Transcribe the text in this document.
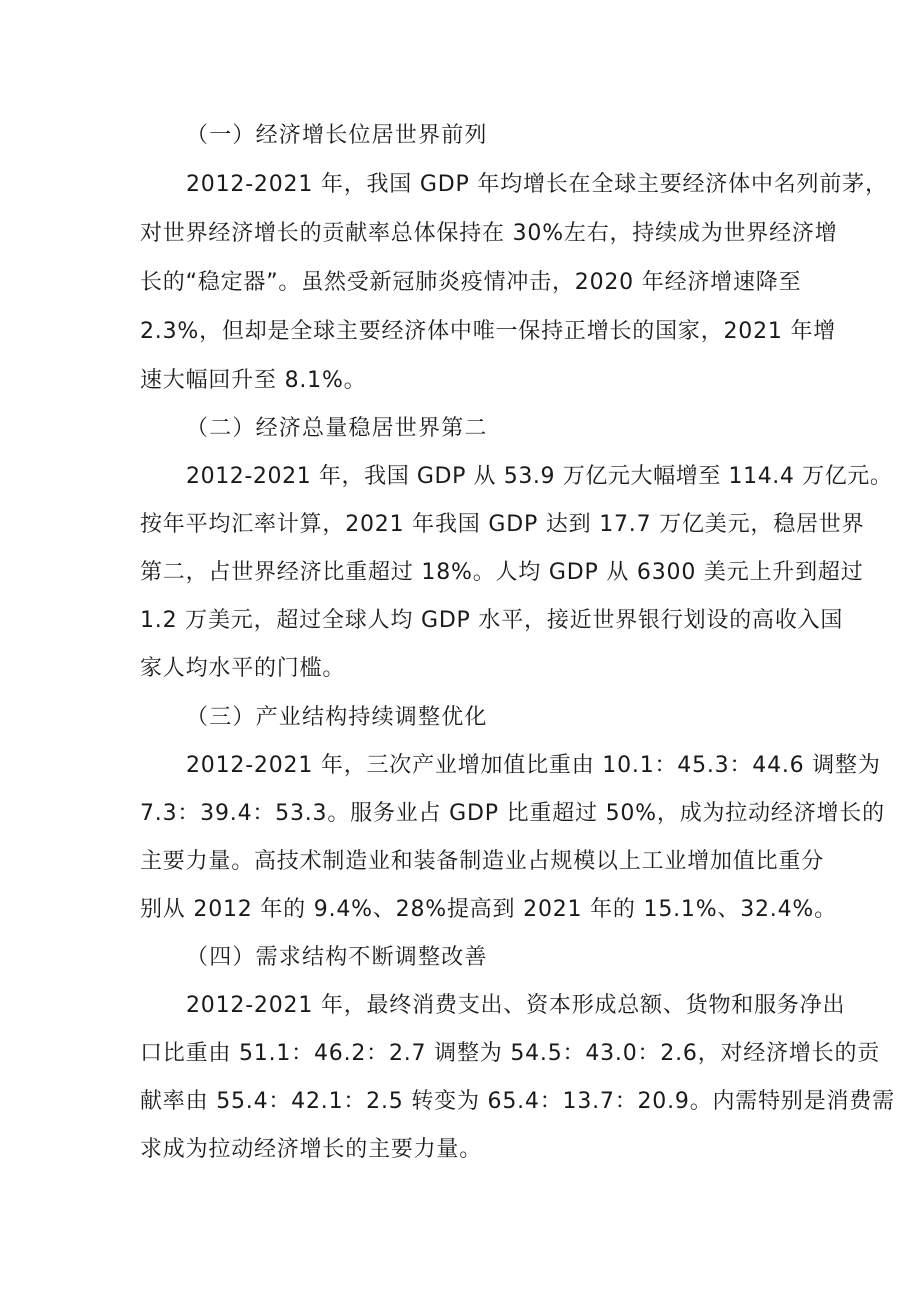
（一）经济增长位居世界前列
2012-2021 年，我国 GDP 年均增长在全球主要经济体中名列前茅，
对世界经济增长的贡献率总体保持在 30%左右，持续成为世界经济增
长的“稳定器”。虽然受新冠肺炎疫情冲击，2020 年经济增速降至
2.3%，但却是全球主要经济体中唯一保持正增长的国家，2021 年增
速大幅回升至 8.1%。
（二）经济总量稳居世界第二
2012-2021 年，我国 GDP 从 53.9 万亿元大幅增至 114.4 万亿元。
按年平均汇率计算，2021 年我国 GDP 达到 17.7 万亿美元，稳居世界
第二，占世界经济比重超过 18%。人均 GDP 从 6300 美元上升到超过
1.2 万美元，超过全球人均 GDP 水平，接近世界银行划设的高收入国
家人均水平的门槛。
（三）产业结构持续调整优化
2012-2021 年，三次产业增加值比重由 10.1：45.3：44.6 调整为
7.3：39.4：53.3。服务业占 GDP 比重超过 50%，成为拉动经济增长的
主要力量。高技术制造业和装备制造业占规模以上工业增加值比重分
别从 2012 年的 9.4%、28%提高到 2021 年的 15.1%、32.4%。
（四）需求结构不断调整改善
2012-2021 年，最终消费支出、资本形成总额、货物和服务净出
口比重由 51.1：46.2：2.7 调整为 54.5：43.0：2.6，对经济增长的贡
献率由 55.4：42.1：2.5 转变为 65.4：13.7：20.9。内需特别是消费需
求成为拉动经济增长的主要力量。
